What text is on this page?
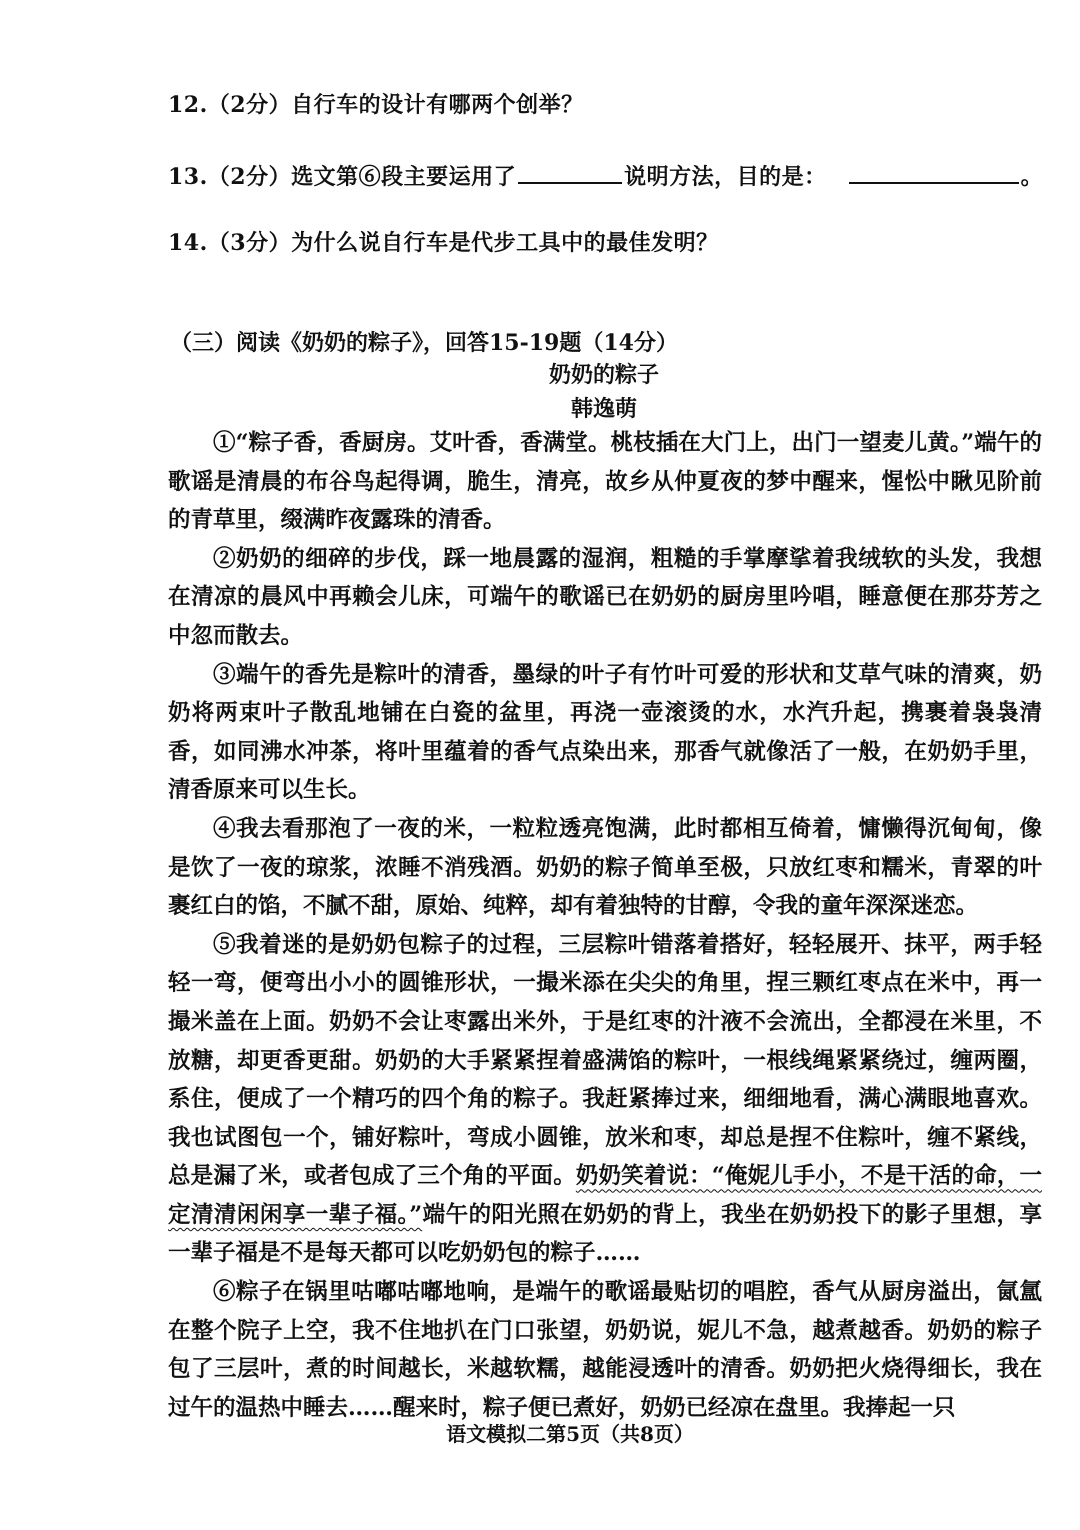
12.（2分）自行车的设计有哪两个创举？
13.（2分）选文第⑥段主要运用了	说明方法，目的是：	。
14.（3分）为什么说自行车是代步工具中的最佳发明？
（三）阅读《奶奶的粽子》，回答15-19题（14分）
奶奶的粽子
韩逸萌

①“粽子香，香厨房。艾叶香，香满堂。桃枝插在大门上，出门一望麦儿黄。”端午的歌谣是清晨的布谷鸟起得调，脆生，清亮，故乡从仲夏夜的梦中醒来，惺忪中瞅见阶前的青草里，缀满昨夜露珠的清香。

②奶奶的细碎的步伐，踩一地晨露的湿润，粗糙的手掌摩挲着我绒软的头发，我想在清凉的晨风中再赖会儿床，可端午的歌谣已在奶奶的厨房里吟唱，睡意便在那芬芳之中忽而散去。

③端午的香先是粽叶的清香，墨绿的叶子有竹叶可爱的形状和艾草气味的清爽，奶奶将两束叶子散乱地铺在白瓷的盆里，再浇一壶滚烫的水，水汽升起，携裹着袅袅清香，如同沸水冲茶，将叶里蕴着的香气点染出来，那香气就像活了一般，在奶奶手里，清香原来可以生长。

④我去看那泡了一夜的米，一粒粒透亮饱满，此时都相互倚着，慵懒得沉甸甸，像是饮了一夜的琼浆，浓睡不消残酒。奶奶的粽子简单至极，只放红枣和糯米，青翠的叶裹红白的馅，不腻不甜，原始、纯粹，却有着独特的甘醇，令我的童年深深迷恋。

⑤我着迷的是奶奶包粽子的过程，三层粽叶错落着搭好，轻轻展开、抹平，两手轻轻一弯，便弯出小小的圆锥形状，一撮米添在尖尖的角里，捏三颗红枣点在米中，再一撮米盖在上面。奶奶不会让枣露出米外，于是红枣的汁液不会流出，全都浸在米里，不放糖，却更香更甜。奶奶的大手紧紧捏着盛满馅的粽叶，一根线绳紧紧绕过，缠两圈，系住，便成了一个精巧的四个角的粽子。我赶紧捧过来，细细地看，满心满眼地喜欢。我也试图包一个，铺好粽叶，弯成小圆锥，放米和枣，却总是捏不住粽叶，缠不紧线，总是漏了米，或者包成了三个角的平面。奶奶笑着说：“俺妮儿手小，不是干活的命，一定清清闲闲享一辈子福。”端午的阳光照在奶奶的背上，我坐在奶奶投下的影子里想，享一辈子福是不是每天都可以吃奶奶包的粽子……

⑥粽子在锅里咕嘟咕嘟地响，是端午的歌谣最贴切的唱腔，香气从厨房溢出，氤氲在整个院子上空，我不住地扒在门口张望，奶奶说，妮儿不急，越煮越香。奶奶的粽子包了三层叶，煮的时间越长，米越软糯，越能浸透叶的清香。奶奶把火烧得细长，我在过午的温热中睡去……醒来时，粽子便已煮好，奶奶已经凉在盘里。我捧起一只

语文模拟二第5页（共8页）
